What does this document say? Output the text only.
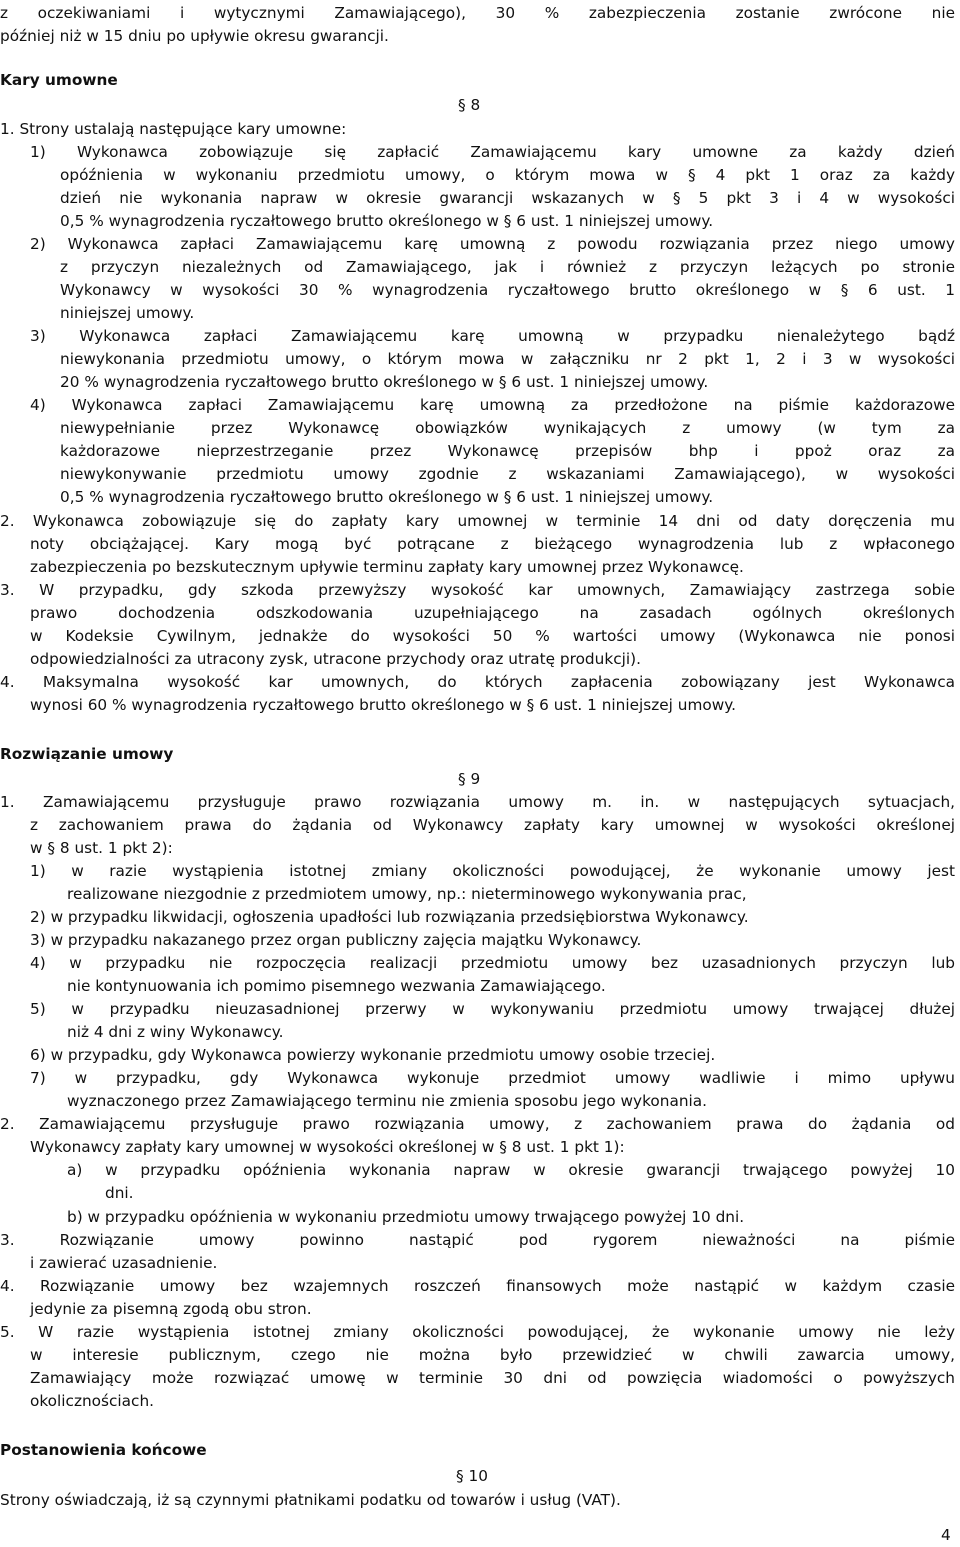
z oczekiwaniami i wytycznymi Zamawiającego), 30 % zabezpieczenia zostanie zwrócone nie
później niż w 15 dniu po upływie okresu gwarancji.
Kary umowne
§ 8
1. Strony ustalają następujące kary umowne:
1) Wykonawca zobowiązuje się zapłacić Zamawiającemu kary umowne za każdy dzień
opóźnienia w wykonaniu przedmiotu umowy, o którym mowa w § 4 pkt 1 oraz za każdy
dzień nie wykonania napraw w okresie gwarancji wskazanych w § 5 pkt 3 i 4 w wysokości
0,5 % wynagrodzenia ryczałtowego brutto określonego w § 6 ust. 1 niniejszej umowy.
2) Wykonawca zapłaci Zamawiającemu karę umowną z powodu rozwiązania przez niego umowy
z przyczyn niezależnych od Zamawiającego, jak i również z przyczyn leżących po stronie
Wykonawcy w wysokości 30 % wynagrodzenia ryczałtowego brutto określonego w § 6 ust. 1
niniejszej umowy.
3) Wykonawca zapłaci Zamawiającemu karę umowną w przypadku nienależytego bądź
niewykonania przedmiotu umowy, o którym mowa w załączniku nr 2 pkt 1, 2 i 3 w wysokości
20 % wynagrodzenia ryczałtowego brutto określonego w § 6 ust. 1 niniejszej umowy.
4) Wykonawca zapłaci Zamawiającemu karę umowną za przedłożone na piśmie każdorazowe
niewypełnianie przez Wykonawcę obowiązków wynikających z umowy (w tym za
każdorazowe nieprzestrzeganie przez Wykonawcę przepisów bhp i ppoż oraz za
niewykonywanie przedmiotu umowy zgodnie z wskazaniami Zamawiającego), w wysokości
0,5 % wynagrodzenia ryczałtowego brutto określonego w § 6 ust. 1 niniejszej umowy.
2. Wykonawca zobowiązuje się do zapłaty kary umownej w terminie 14 dni od daty doręczenia mu
noty obciążającej. Kary mogą być potrącane z bieżącego wynagrodzenia lub z wpłaconego
zabezpieczenia po bezskutecznym upływie terminu zapłaty kary umownej przez Wykonawcę.
3. W przypadku, gdy szkoda przewyższy wysokość kar umownych, Zamawiający zastrzega sobie
prawo dochodzenia odszkodowania uzupełniającego na zasadach ogólnych określonych
w Kodeksie Cywilnym, jednakże do wysokości 50 % wartości umowy (Wykonawca nie ponosi
odpowiedzialności za utracony zysk, utracone przychody oraz utratę produkcji).
4. Maksymalna wysokość kar umownych, do których zapłacenia zobowiązany jest Wykonawca
wynosi 60 % wynagrodzenia ryczałtowego brutto określonego w § 6 ust. 1 niniejszej umowy.
Rozwiązanie umowy
§ 9
1. Zamawiającemu przysługuje prawo rozwiązania umowy m. in. w następujących sytuacjach,
z zachowaniem prawa do żądania od Wykonawcy zapłaty kary umownej w wysokości określonej
w § 8 ust. 1 pkt 2):
1) w razie wystąpienia istotnej zmiany okoliczności powodującej, że wykonanie umowy jest
realizowane niezgodnie z przedmiotem umowy, np.: nieterminowego wykonywania prac,
2) w przypadku likwidacji, ogłoszenia upadłości lub rozwiązania przedsiębiorstwa Wykonawcy.
3) w przypadku nakazanego przez organ publiczny zajęcia majątku Wykonawcy.
4) w przypadku nie rozpoczęcia realizacji przedmiotu umowy bez uzasadnionych przyczyn lub
nie kontynuowania ich pomimo pisemnego wezwania Zamawiającego.
5) w przypadku nieuzasadnionej przerwy w wykonywaniu przedmiotu umowy trwającej dłużej
niż 4 dni z winy Wykonawcy.
6) w przypadku, gdy Wykonawca powierzy wykonanie przedmiotu umowy osobie trzeciej.
7) w przypadku, gdy Wykonawca wykonuje przedmiot umowy wadliwie i mimo upływu
wyznaczonego przez Zamawiającego terminu nie zmienia sposobu jego wykonania.
2. Zamawiającemu przysługuje prawo rozwiązania umowy, z zachowaniem prawa do żądania od
Wykonawcy zapłaty kary umownej w wysokości określonej w § 8 ust. 1 pkt 1):
a) w przypadku opóźnienia wykonania napraw w okresie gwarancji trwającego powyżej 10
dni.
b) w przypadku opóźnienia w wykonaniu przedmiotu umowy trwającego powyżej 10 dni.
3. Rozwiązanie umowy powinno nastąpić pod rygorem nieważności na piśmie
i zawierać uzasadnienie.
4. Rozwiązanie umowy bez wzajemnych roszczeń finansowych może nastąpić w każdym czasie
jedynie za pisemną zgodą obu stron.
5. W razie wystąpienia istotnej zmiany okoliczności powodującej, że wykonanie umowy nie leży
w interesie publicznym, czego nie można było przewidzieć w chwili zawarcia umowy,
Zamawiający może rozwiązać umowę w terminie 30 dni od powzięcia wiadomości o powyższych
okolicznościach.
Postanowienia końcowe
§ 10
Strony oświadczają, iż są czynnymi płatnikami podatku od towarów i usług (VAT).
4
